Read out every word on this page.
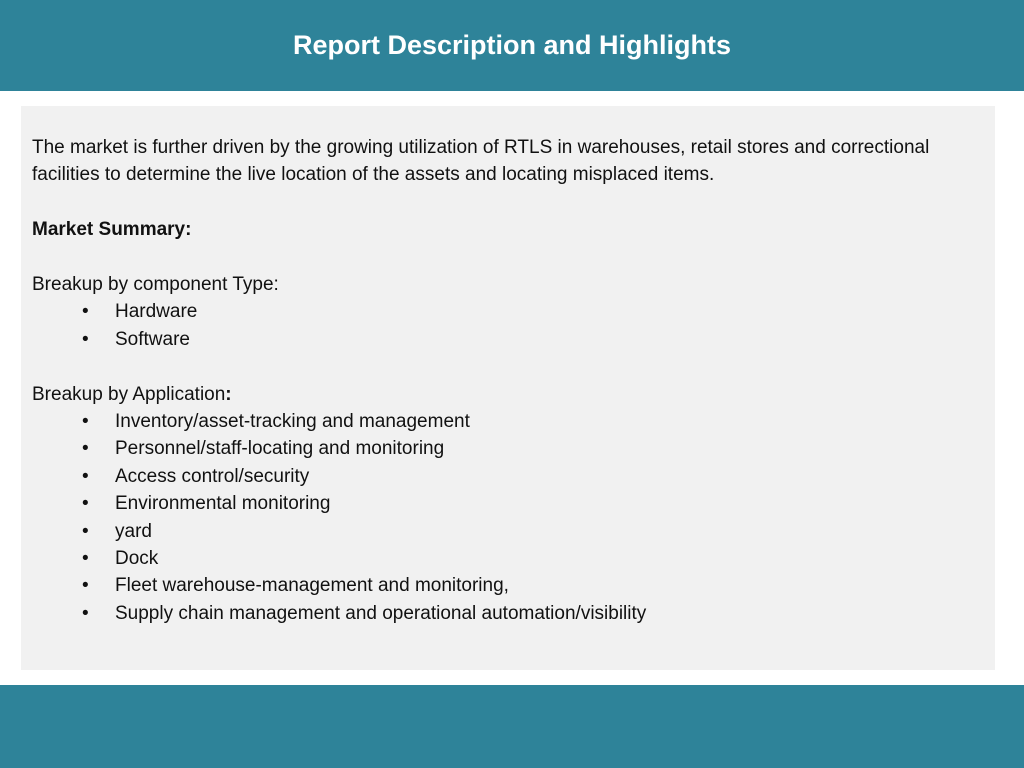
Report Description and Highlights

The market is further driven by the growing utilization of RTLS in warehouses, retail stores and correctional facilities to determine the live location of the assets and locating misplaced items.

Market Summary:

Breakup by component Type:

• Hardware
• Software

Breakup by Application:

• Inventory/asset-tracking and management
• Personnel/staff-locating and monitoring
• Access control/security
• Environmental monitoring
• yard
• Dock
• Fleet warehouse-management and monitoring,
• Supply chain management and operational automation/visibility
